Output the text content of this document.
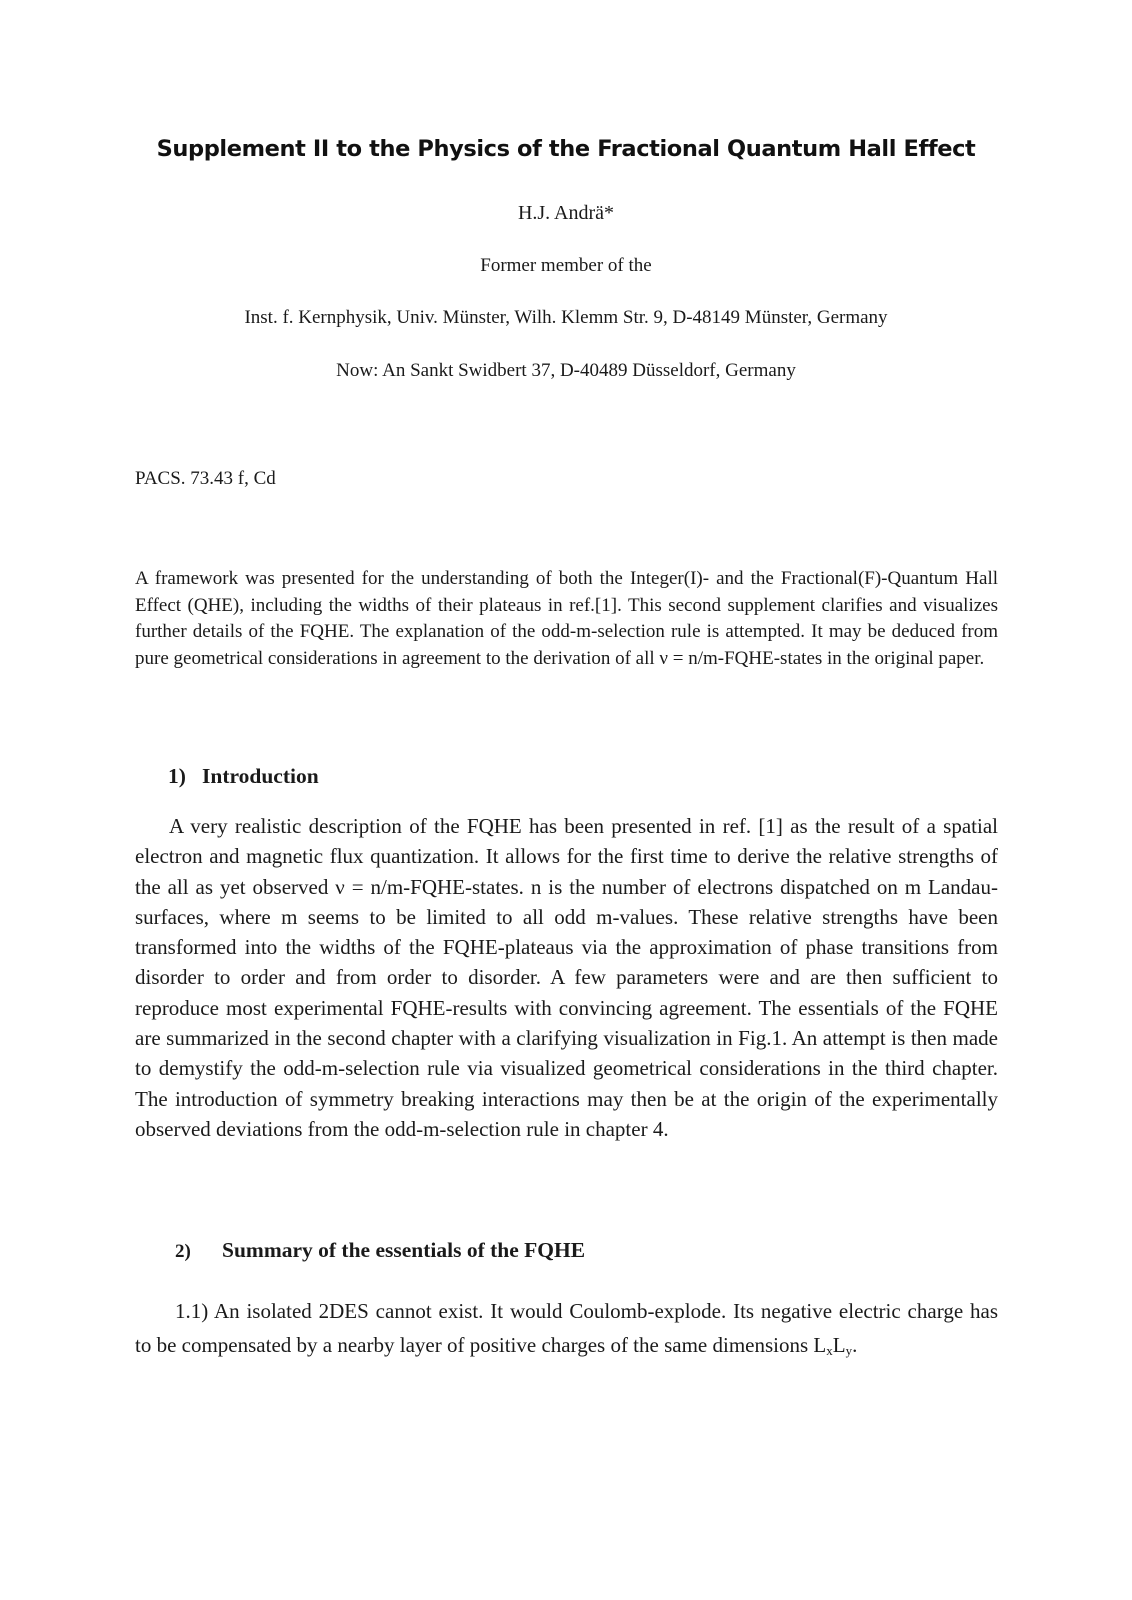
Supplement II to the Physics of the Fractional Quantum Hall Effect
H.J. Andrä*
Former member of the
Inst. f. Kernphysik, Univ. Münster, Wilh. Klemm Str. 9, D-48149 Münster, Germany
Now: An Sankt Swidbert 37, D-40489 Düsseldorf, Germany
PACS. 73.43 f, Cd

A framework was presented for the understanding of both the Integer(I)- and the Fractional(F)-Quantum Hall Effect (QHE), including the widths of their plateaus in ref.[1]. This second supplement clarifies and visualizes further details of the FQHE. The explanation of the odd-m-selection rule is attempted. It may be deduced from pure geometrical considerations in agreement to the derivation of all ν = n/m-FQHE-states in the original paper.

1) Introduction

A very realistic description of the FQHE has been presented in ref. [1] as the result of a spatial electron and magnetic flux quantization. It allows for the first time to derive the relative strengths of the all as yet observed ν = n/m-FQHE-states. n is the number of electrons dispatched on m Landau-surfaces, where m seems to be limited to all odd m-values. These relative strengths have been transformed into the widths of the FQHE-plateaus via the approximation of phase transitions from disorder to order and from order to disorder. A few parameters were and are then sufficient to reproduce most experimental FQHE-results with convincing agreement. The essentials of the FQHE are summarized in the second chapter with a clarifying visualization in Fig.1. An attempt is then made to demystify the odd-m-selection rule via visualized geometrical considerations in the third chapter. The introduction of symmetry breaking interactions may then be at the origin of the experimentally observed deviations from the odd-m-selection rule in chapter 4.

2) Summary of the essentials of the FQHE

1.1) An isolated 2DES cannot exist. It would Coulomb-explode. Its negative electric charge has to be compensated by a nearby layer of positive charges of the same dimensions $L_xL_y$.
